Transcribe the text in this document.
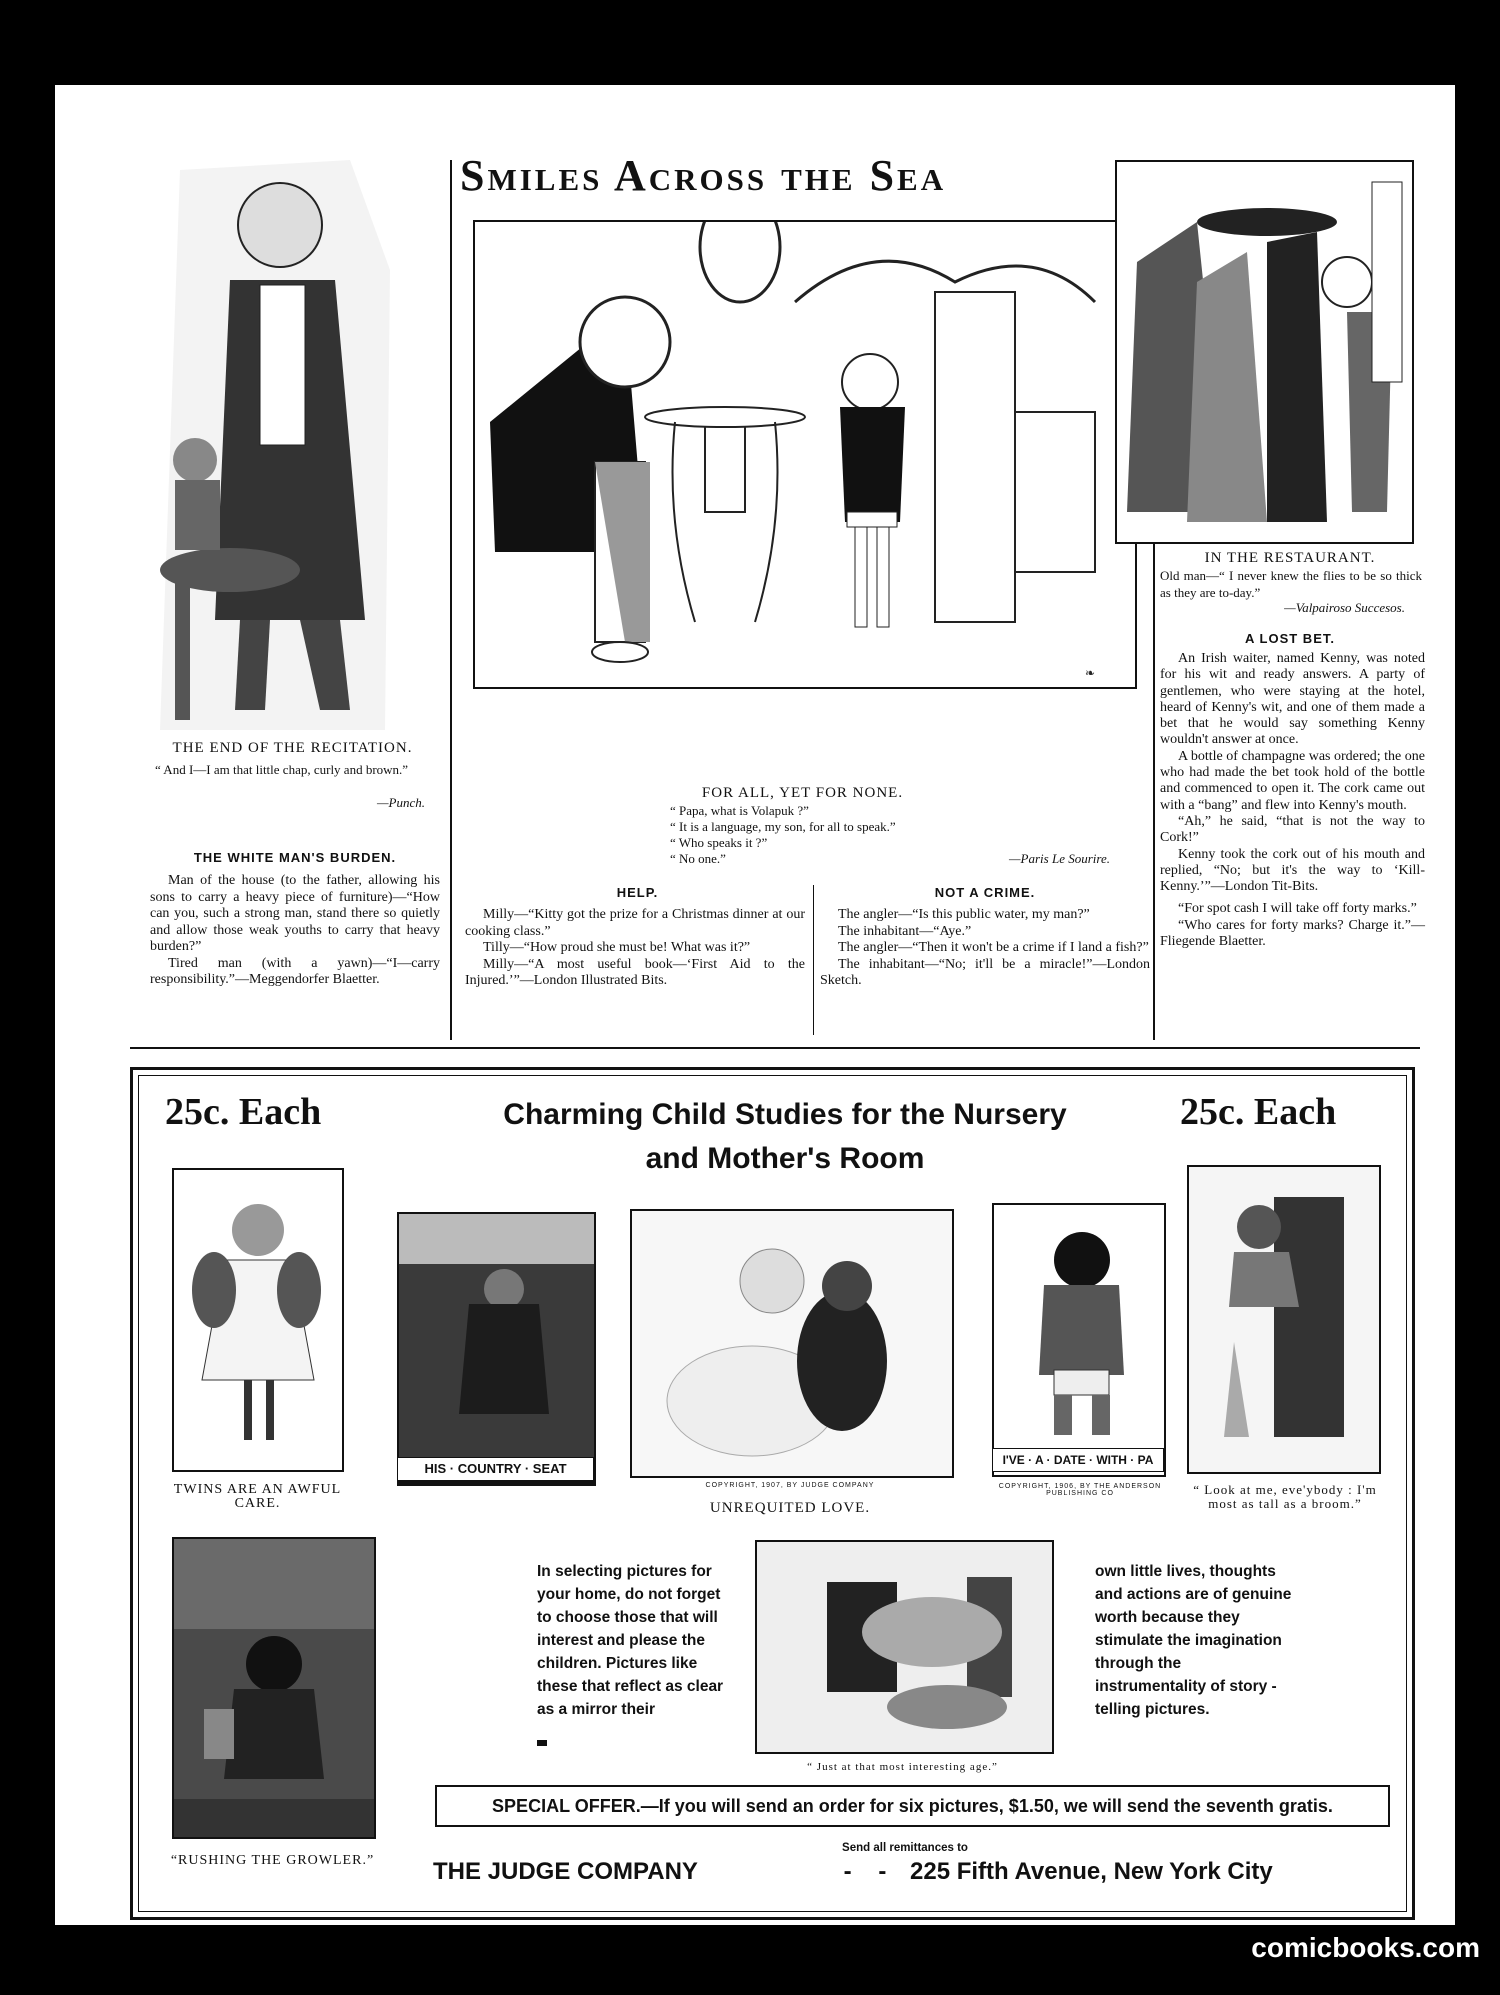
THE END OF THE RECITATION.
“ And I—I am that little chap, curly and brown.”
—Punch.
THE WHITE MAN'S BURDEN.

Man of the house (to the father, allowing his sons to carry a heavy piece of furniture)—“How can you, such a strong man, stand there so quietly and allow those weak youths to carry that heavy burden?”

Tired man (with a yawn)—“I—carry responsibility.”—Meggendorfer Blaetter.

Smiles Across the Sea
❧
FOR ALL, YET FOR NONE.
“ Papa, what is Volapuk ?”
“ It is a language, my son, for all to speak.”
“ Who speaks it ?”
“ No one.”	—Paris Le Sourire.
HELP.

Milly—“Kitty got the prize for a Christmas dinner at our cooking class.”

Tilly—“How proud she must be! What was it?”

Milly—“A most useful book—‘First Aid to the Injured.’”—London Illustrated Bits.

NOT A CRIME.

The angler—“Is this public water, my man?”

The inhabitant—“Aye.”

The angler—“Then it won't be a crime if I land a fish?”

The inhabitant—“No; it'll be a miracle!”—London Sketch.

IN THE RESTAURANT.
Old man—“ I never knew the flies to be so thick as they are to-day.”
—Valpairoso Succesos.
A LOST BET.

An Irish waiter, named Kenny, was noted for his wit and ready answers. A party of gentlemen, who were staying at the hotel, heard of Kenny's wit, and one of them made a bet that he would say something Kenny wouldn't answer at once.

A bottle of champagne was ordered; the one who had made the bet took hold of the bottle and commenced to open it. The cork came out with a “bang” and flew into Kenny's mouth.

“Ah,” he said, “that is not the way to Cork!”

Kenny took the cork out of his mouth and replied, “No; but it's the way to ‘Kill-Kenny.’”—London Tit-Bits.

“For spot cash I will take off forty marks.”

“Who cares for forty marks? Charge it.”—Fliegende Blaetter.

25c. Each	25c. Each
Charming Child Studies for the Nursery
and Mother's Room
TWINS ARE AN AWFUL CARE.
HIS · COUNTRY · SEAT
COPYRIGHT, 1907, BY JUDGE COMPANY
UNREQUITED LOVE.
I'VE · A · DATE · WITH · PA
COPYRIGHT, 1906, BY THE ANDERSON PUBLISHING CO	“ Look at me, eve'ybody : I'm most as tall as a broom.”
“RUSHING THE GROWLER.”
In selecting pictures for your home, do not forget to choose those that will interest and please the children. Pictures like these that reflect as clear as a mirror their
“ Just at that most interesting age.”
own little lives, thoughts and actions are of genuine worth because they stimulate the imagination through the instrumentality of story - telling pictures.
SPECIAL OFFER.—If you will send an order for six pictures, $1.50, we will send the seventh gratis.
Send all remittances to
THE JUDGE COMPANY	- - 225 Fifth Avenue, New York City
comicbooks.com
